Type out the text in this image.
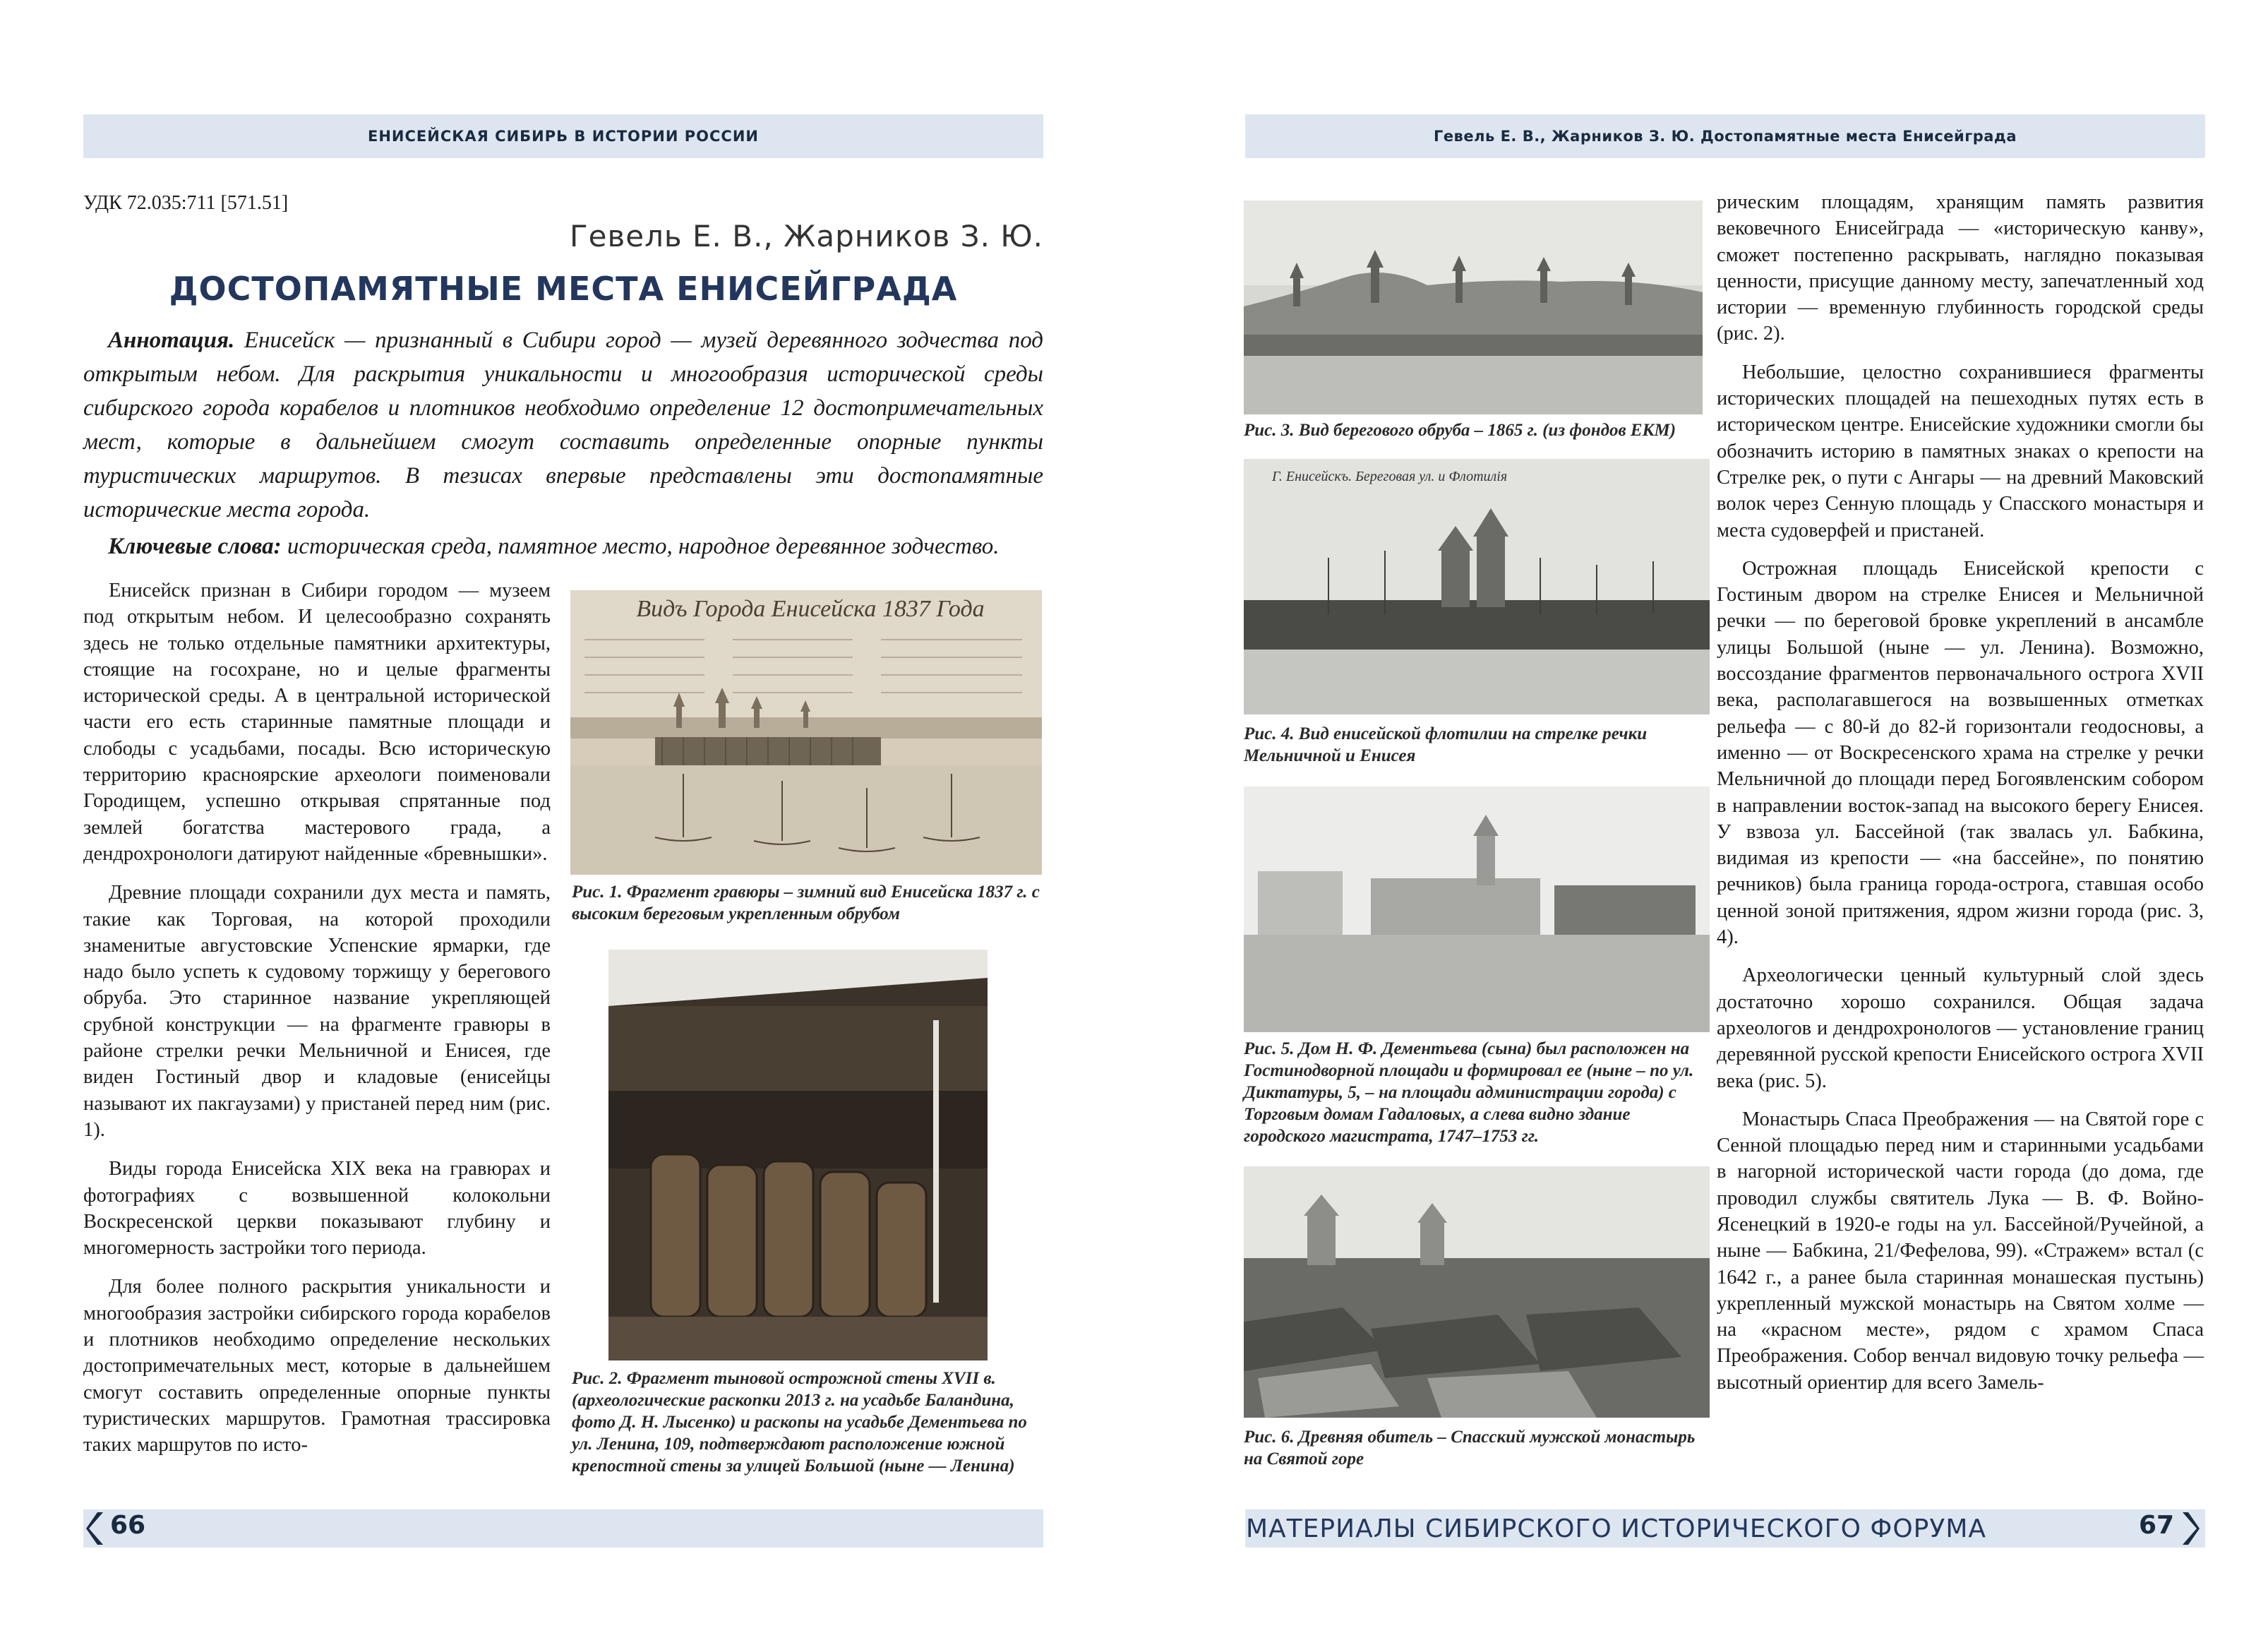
ЕНИСЕЙСКАЯ СИБИРЬ В ИСТОРИИ РОССИИ
УДК 72.035:711 [571.51]
Гевель Е. В., Жарников З. Ю.
ДОСТОПАМЯТНЫЕ МЕСТА ЕНИСЕЙГРАДА
Аннотация. Енисейск — признанный в Сибири город — музей деревянного зодчества под открытым небом. Для раскрытия уникальности и многообразия исторической среды сибирского города корабелов и плотников необходимо определение 12 достопримечательных мест, которые в дальнейшем смогут составить определенные опорные пункты туристических маршрутов. В тезисах впервые представлены эти достопамятные исторические места города.
Ключевые слова: историческая среда, памятное место, народное деревянное зодчество.

Енисейск признан в Сибири городом — музеем под открытым небом. И целесообразно сохранять здесь не только отдельные памятники архитектуры, стоящие на госохране, но и целые фрагменты исторической среды. А в центральной исторической части его есть старинные памятные площади и слободы с усадьбами, посады. Всю историческую территорию красноярские археологи поименовали Городищем, успешно открывая спрятанные под землей богатства мастерового града, а дендрохронологи датируют найденные «бревнышки».

Древние площади сохранили дух места и память, такие как Торговая, на которой проходили знаменитые августовские Успенские ярмарки, где надо было успеть к судовому торжищу у берегового обруба. Это старинное название укрепляющей срубной конструкции — на фрагменте гравюры в районе стрелки речки Мельничной и Енисея, где виден Гостиный двор и кладовые (енисейцы называют их пакгаузами) у пристаней перед ним (рис. 1).

Виды города Енисейска XIX века на гравюрах и фотографиях с возвышенной колокольни Воскресенской церкви показывают глубину и многомерность застройки того периода.

Для более полного раскрытия уникальности и многообразия застройки сибирского города корабелов и плотников необходимо определение нескольких достопримечательных мест, которые в дальнейшем смогут составить определенные опорные пункты туристических маршрутов. Грамотная трассировка таких маршрутов по исто-

Видъ Города Енисейска 1837 Года
Рис. 1. Фрагмент гравюры – зимний вид Енисейска 1837 г. с высоким береговым укрепленным обрубом
Рис. 2. Фрагмент тыновой острожной стены XVII в. (археологические раскопки 2013 г. на усадьбе Баландина, фото Д. Н. Лысенко) и раскопы на усадьбе Дементьева по ул. Ленина, 109, подтверждают расположение южной крепостной стены за улицей Большой (ныне — Ленина)
66
Гевель Е. В., Жарников З. Ю. Достопамятные места Енисейграда
Рис. 3. Вид берегового обруба – 1865 г. (из фондов ЕКМ)
Г. Енисейскъ. Береговая ул. и Флотилія
Рис. 4. Вид енисейской флотилии на стрелке речки Мельничной и Енисея
Рис. 5. Дом Н. Ф. Дементьева (сына) был расположен на Гостинодворной площади и формировал ее (ныне – по ул. Диктатуры, 5, – на площади администрации города) с Торговым домам Гадаловых, а слева видно здание городского магистрата, 1747–1753 гг.
Рис. 6. Древняя обитель – Спасский мужской монастырь на Святой горе

рическим площадям, хранящим память развития вековечного Енисейграда — «историческую канву», сможет постепенно раскрывать, наглядно показывая ценности, присущие данному месту, запечатленный ход истории — временную глубинность городской среды (рис. 2).

Небольшие, целостно сохранившиеся фрагменты исторических площадей на пешеходных путях есть в историческом центре. Енисейские художники смогли бы обозначить историю в памятных знаках о крепости на Стрелке рек, о пути с Ангары — на древний Маковский волок через Сенную площадь у Спасского монастыря и места судоверфей и пристаней.

Острожная площадь Енисейской крепости с Гостиным двором на стрелке Енисея и Мельничной речки — по береговой бровке укреплений в ансамбле улицы Большой (ныне — ул. Ленина). Возможно, воссоздание фрагментов первоначального острога XVII века, располагавшегося на возвышенных отметках рельефа — с 80-й до 82-й горизонтали геодосновы, а именно — от Воскресенского храма на стрелке у речки Мельничной до площади перед Богоявленским собором в направлении восток-запад на высокого берегу Енисея. У взвоза ул. Бассейной (так звалась ул. Бабкина, видимая из крепости — «на бассейне», по понятию речников) была граница города-острога, ставшая особо ценной зоной притяжения, ядром жизни города (рис. 3, 4).

Археологически ценный культурный слой здесь достаточно хорошо сохранился. Общая задача археологов и дендрохронологов — установление границ деревянной русской крепости Енисейского острога XVII века (рис. 5).

Монастырь Спаса Преображения — на Святой горе с Сенной площадью перед ним и старинными усадьбами в нагорной исторической части города (до дома, где проводил службы святитель Лука — В. Ф. Войно-Ясенецкий в 1920-е годы на ул. Бассейной/Ручейной, а ныне — Бабкина, 21/Фефелова, 99). «Стражем» встал (с 1642 г., а ранее была старинная монашеская пустынь) укрепленный мужской монастырь на Святом холме — на «красном месте», рядом с храмом Спаса Преображения. Собор венчал видовую точку рельефа — высотный ориентир для всего Замель-

МАТЕРИАЛЫ СИБИРСКОГО ИСТОРИЧЕСКОГО ФОРУМА	67
